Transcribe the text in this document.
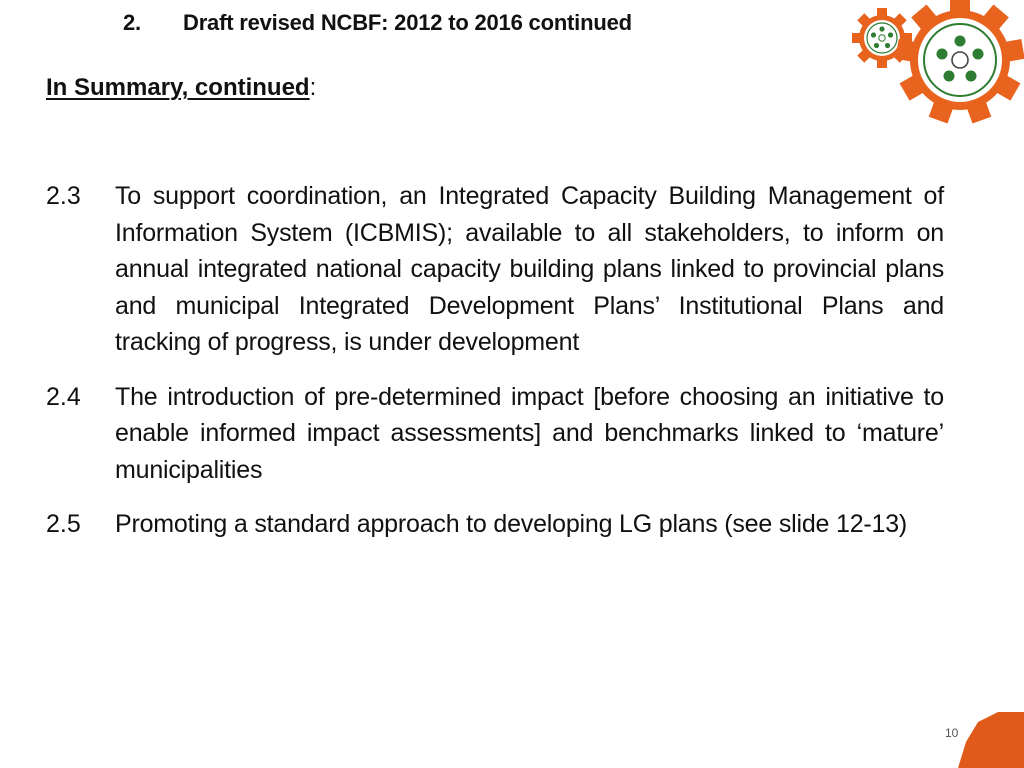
2. Draft revised NCBF: 2012 to 2016 continued
In Summary, continued:
2.3	To support coordination, an Integrated Capacity Building Management of Information System (ICBMIS); available to all stakeholders, to inform on annual integrated national capacity building plans linked to provincial plans and municipal Integrated Development Plans’ Institutional Plans and tracking of progress, is under development
2.4	The introduction of pre-determined impact [before choosing an initiative to enable informed impact assessments] and benchmarks linked to ‘mature’ municipalities
2.5	Promoting a standard approach to developing LG plans (see slide 12-13)
10
